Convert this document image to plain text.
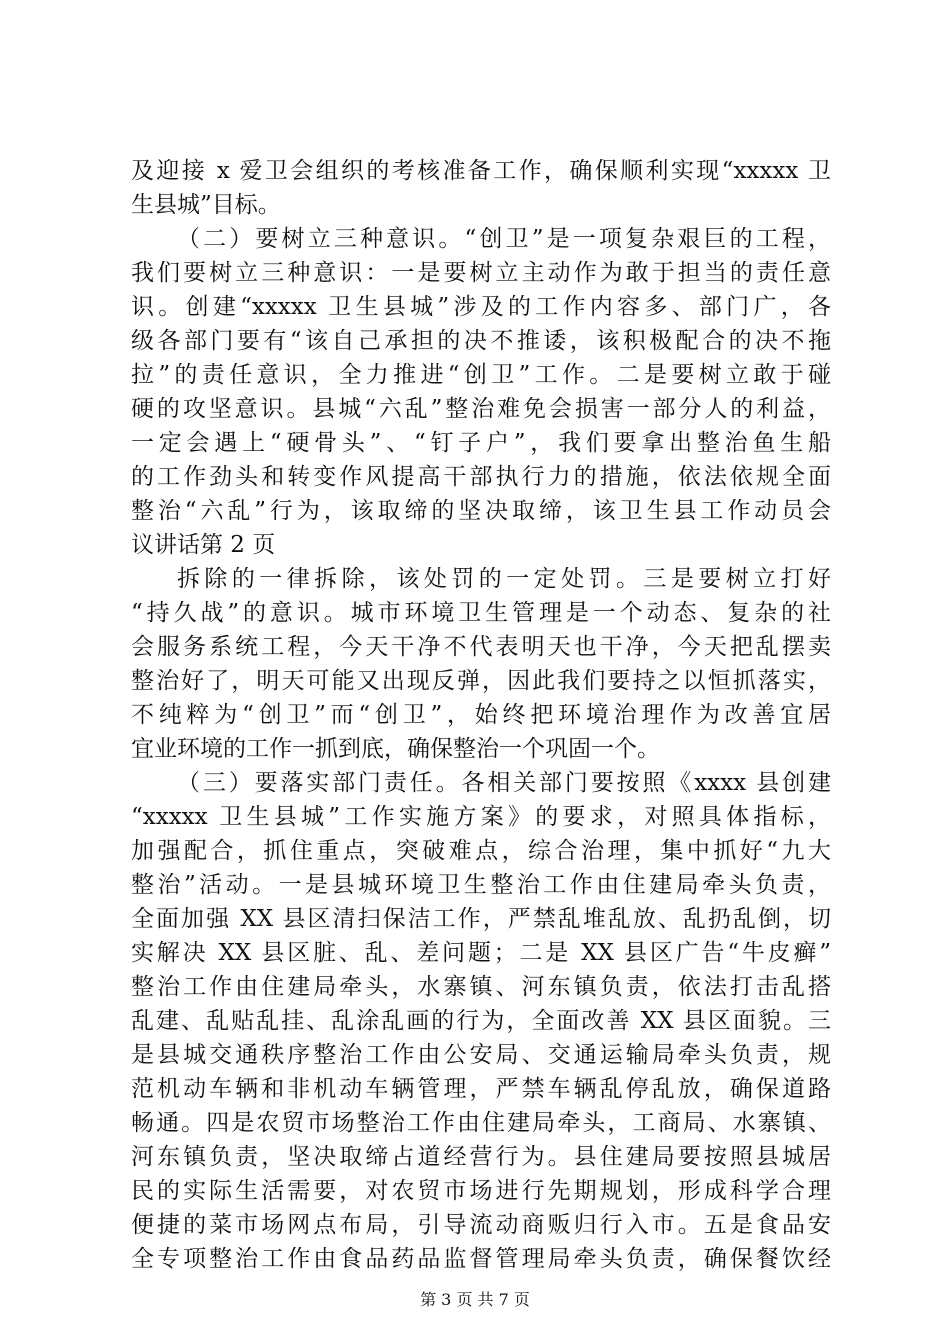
及迎接 x 爱卫会组织的考核准备工作，确保顺利实现“xxxxx 卫
生县城”目标。
（二）要树立三种意识。“创卫”是一项复杂艰巨的工程，
我们要树立三种意识：一是要树立主动作为敢于担当的责任意
识。创建“xxxxx 卫生县城”涉及的工作内容多、部门广，各
级各部门要有“该自己承担的决不推诿，该积极配合的决不拖
拉”的责任意识，全力推进“创卫”工作。二是要树立敢于碰
硬的攻坚意识。县城“六乱”整治难免会损害一部分人的利益，
一定会遇上“硬骨头”、“钉子户”，我们要拿出整治鱼生船
的工作劲头和转变作风提高干部执行力的措施，依法依规全面
整治“六乱”行为，该取缔的坚决取缔，该卫生县工作动员会
议讲话第 2 页
拆除的一律拆除，该处罚的一定处罚。三是要树立打好
“持久战”的意识。城市环境卫生管理是一个动态、复杂的社
会服务系统工程，今天干净不代表明天也干净，今天把乱摆卖
整治好了，明天可能又出现反弹，因此我们要持之以恒抓落实，
不纯粹为“创卫”而“创卫”，始终把环境治理作为改善宜居
宜业环境的工作一抓到底，确保整治一个巩固一个。
（三）要落实部门责任。各相关部门要按照《xxxx 县创建
“xxxxx 卫生县城”工作实施方案》的要求，对照具体指标，
加强配合，抓住重点，突破难点，综合治理，集中抓好“九大
整治”活动。一是县城环境卫生整治工作由住建局牵头负责，
全面加强 XX 县区清扫保洁工作，严禁乱堆乱放、乱扔乱倒，切
实解决 XX 县区脏、乱、差问题；二是 XX 县区广告“牛皮癣”
整治工作由住建局牵头，水寨镇、河东镇负责，依法打击乱搭
乱建、乱贴乱挂、乱涂乱画的行为，全面改善 XX 县区面貌。三
是县城交通秩序整治工作由公安局、交通运输局牵头负责，规
范机动车辆和非机动车辆管理，严禁车辆乱停乱放，确保道路
畅通。四是农贸市场整治工作由住建局牵头，工商局、水寨镇、
河东镇负责，坚决取缔占道经营行为。县住建局要按照县城居
民的实际生活需要，对农贸市场进行先期规划，形成科学合理
便捷的菜市场网点布局，引导流动商贩归行入市。五是食品安
全专项整治工作由食品药品监督管理局牵头负责，确保餐饮经
第 3 页 共 7 页
